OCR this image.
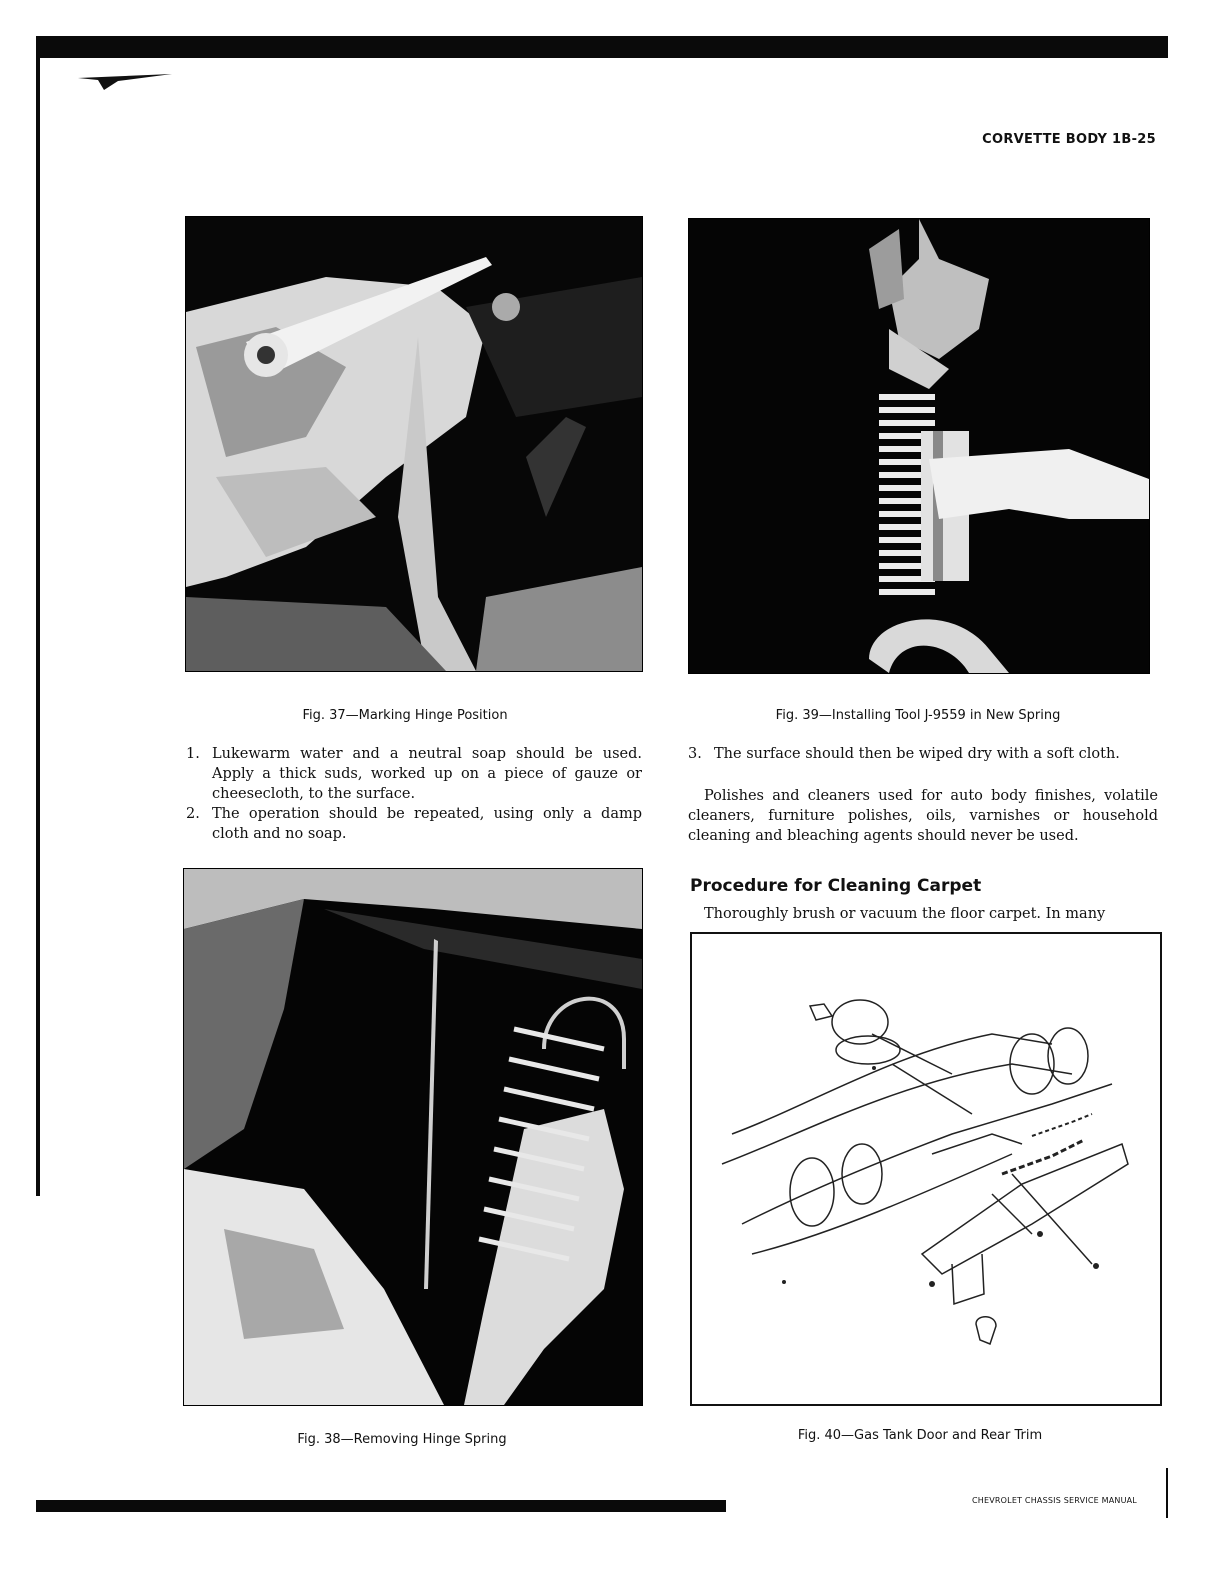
CORVETTE BODY 1B-25
Fig. 37—Marking Hinge Position	Fig. 39—Installing Tool J-9559 in New Spring
1. Lukewarm water and a neutral soap should be used. Apply a thick suds, worked up on a piece of gauze or cheesecloth, to the surface.
2. The operation should be repeated, using only a damp cloth and no soap.
3. The surface should then be wiped dry with a soft cloth.

Polishes and cleaners used for auto body finishes, volatile cleaners, furniture polishes, oils, varnishes or household cleaning and bleaching agents should never be used.

Procedure for Cleaning Carpet

Thoroughly brush or vacuum the floor carpet. In many

Fig. 38—Removing Hinge Spring	Fig. 40—Gas Tank Door and Rear Trim
CHEVROLET CHASSIS SERVICE MANUAL
